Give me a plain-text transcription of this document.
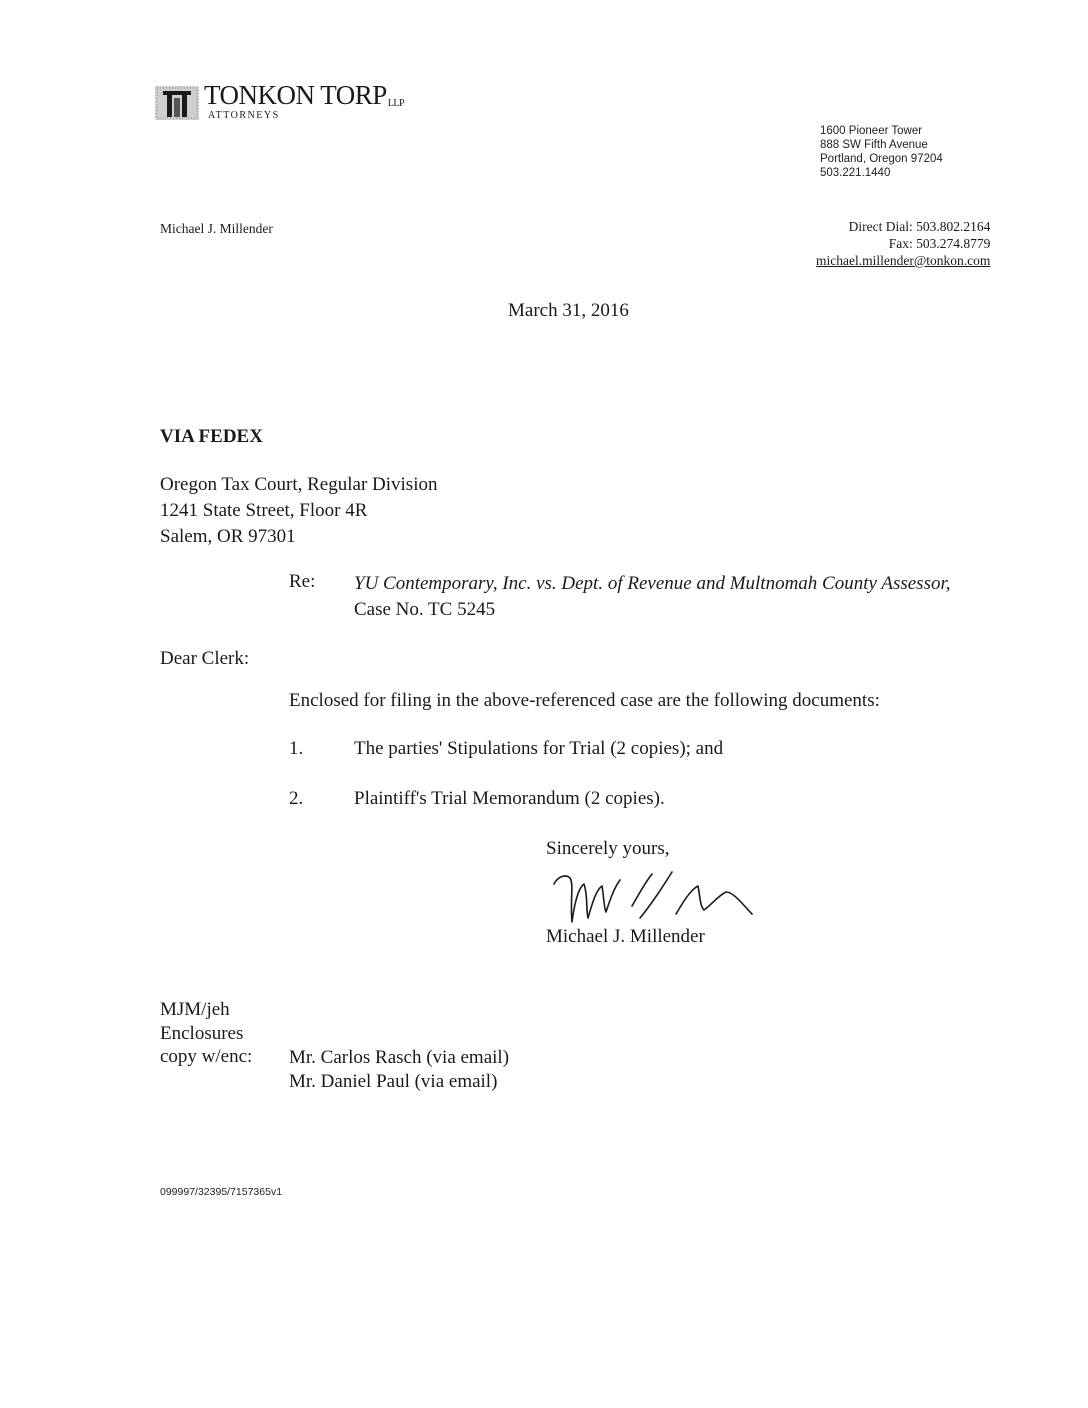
TONKON TORPLLP
ATTORNEYS
1600 Pioneer Tower
888 SW Fifth Avenue
Portland, Oregon 97204
503.221.1440
Michael J. Millender	Direct Dial: 503.802.2164
Fax: 503.274.8779
michael.millender@tonkon.com
March 31, 2016
VIA FEDEX
Oregon Tax Court, Regular Division
1241 State Street, Floor 4R
Salem, OR 97301
Re: YU Contemporary, Inc. vs. Dept. of Revenue and Multnomah County Assessor, Case No. TC 5245
Dear Clerk:
Enclosed for filing in the above-referenced case are the following documents:
1.	The parties' Stipulations for Trial (2 copies); and
2.	Plaintiff's Trial Memorandum (2 copies).
Sincerely yours,
Michael J. Millender
MJM/jeh
Enclosures
copy w/enc: Mr. Carlos Rasch (via email)
Mr. Daniel Paul (via email)
099997/32395/7157365v1
